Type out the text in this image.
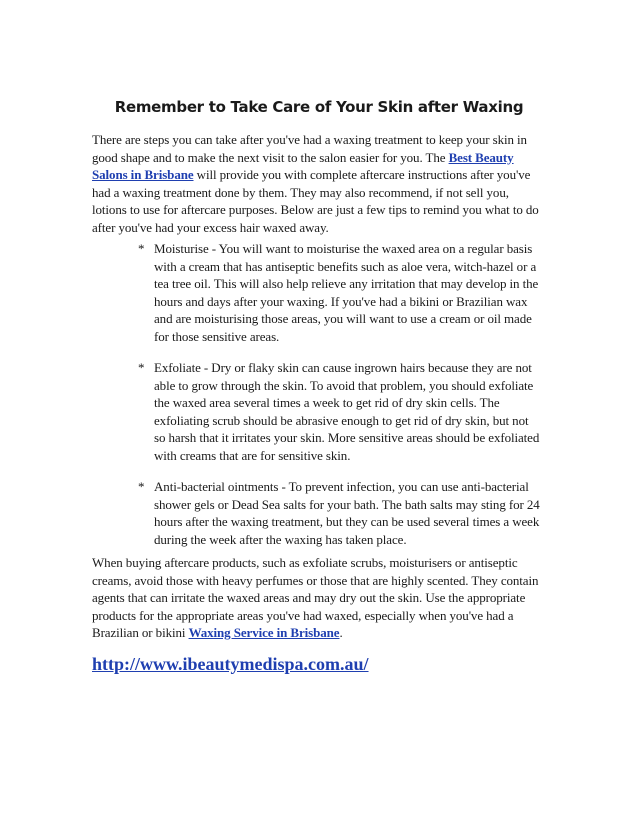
Remember to Take Care of Your Skin after Waxing

There are steps you can take after you've had a waxing treatment to keep your skin in good shape and to make the next visit to the salon easier for you. The Best Beauty Salons in Brisbane will provide you with complete aftercare instructions after you've had a waxing treatment done by them. They may also recommend, if not sell you, lotions to use for aftercare purposes. Below are just a few tips to remind you what to do after you've had your excess hair waxed away.

* Moisturise - You will want to moisturise the waxed area on a regular basis with a cream that has antiseptic benefits such as aloe vera, witch-hazel or a tea tree oil. This will also help relieve any irritation that may develop in the hours and days after your waxing. If you've had a bikini or Brazilian wax and are moisturising those areas, you will want to use a cream or oil made for those sensitive areas.
* Exfoliate - Dry or flaky skin can cause ingrown hairs because they are not able to grow through the skin. To avoid that problem, you should exfoliate the waxed area several times a week to get rid of dry skin cells. The exfoliating scrub should be abrasive enough to get rid of dry skin, but not so harsh that it irritates your skin. More sensitive areas should be exfoliated with creams that are for sensitive skin.
* Anti-bacterial ointments - To prevent infection, you can use anti-bacterial shower gels or Dead Sea salts for your bath. The bath salts may sting for 24 hours after the waxing treatment, but they can be used several times a week during the week after the waxing has taken place.

When buying aftercare products, such as exfoliate scrubs, moisturisers or antiseptic creams, avoid those with heavy perfumes or those that are highly scented. They contain agents that can irritate the waxed areas and may dry out the skin. Use the appropriate products for the appropriate areas you've had waxed, especially when you've had a Brazilian or bikini Waxing Service in Brisbane.

http://www.ibeautymedispa.com.au/
